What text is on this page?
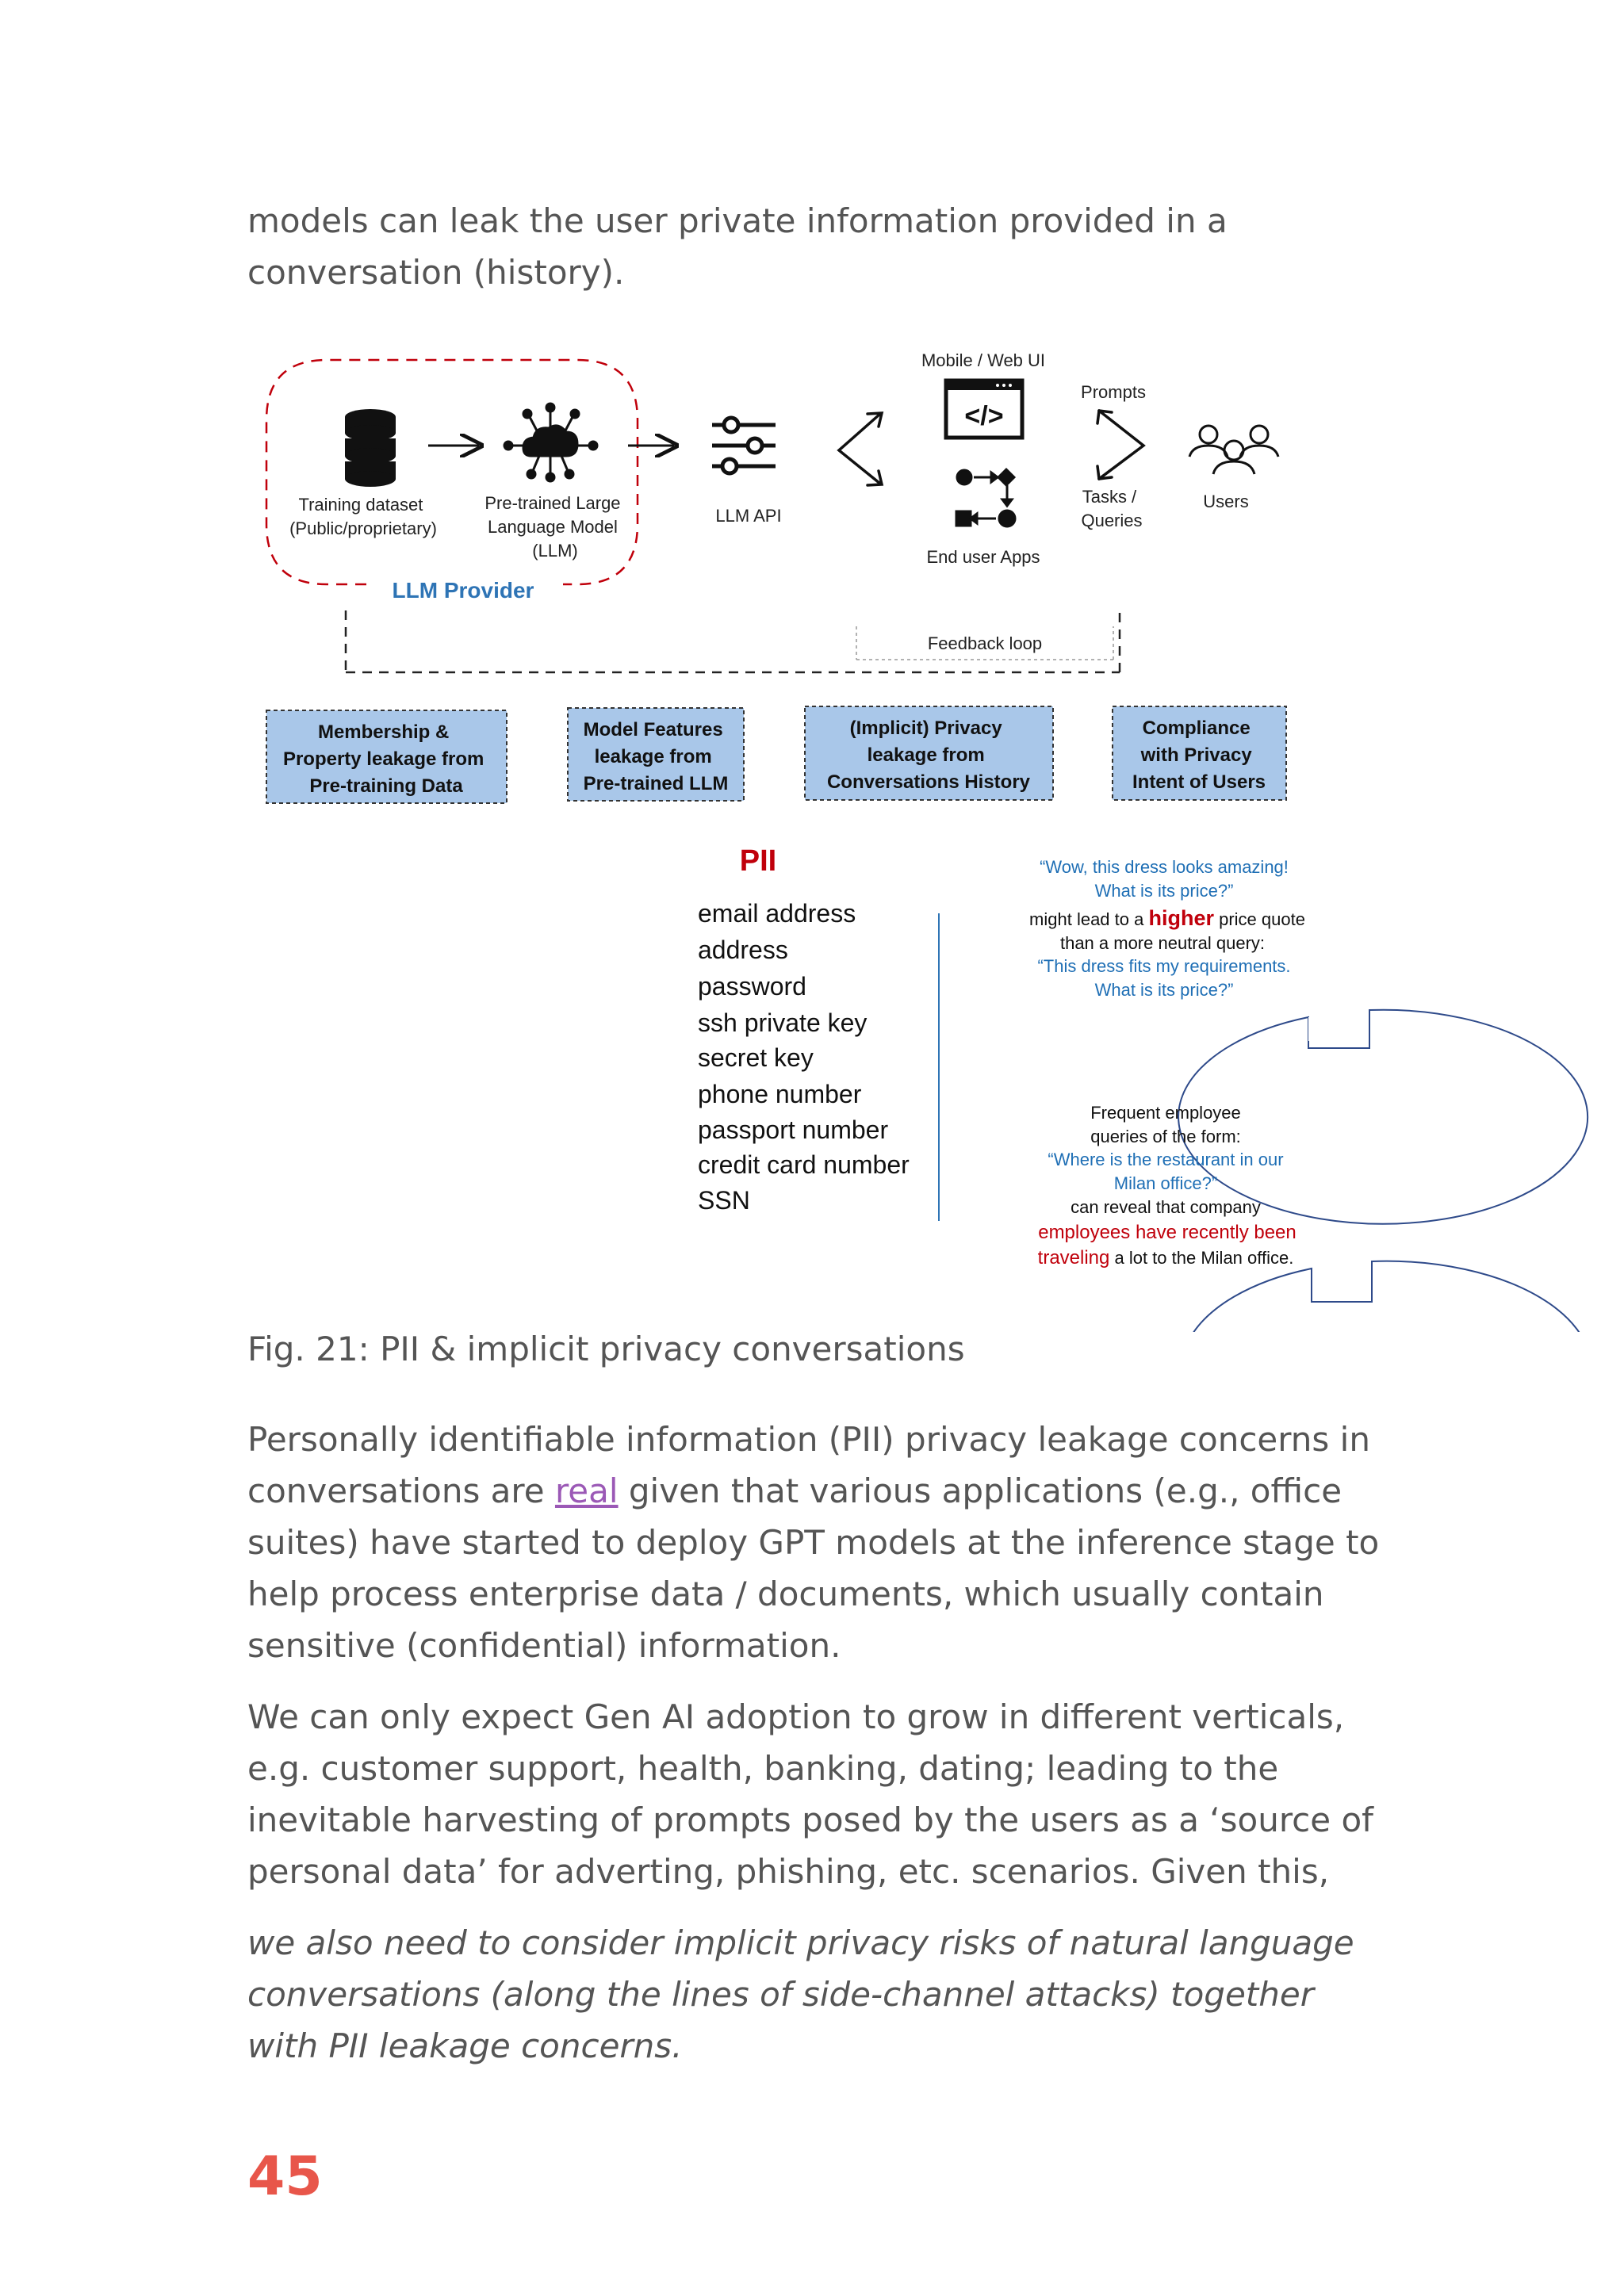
models can leak the user private information provided in a
conversation (history).
LLM Provider
Training dataset (Public/proprietary)
Pre-trained Large Language Model (LLM)
LLM API
Mobile / Web UI
</>
End user Apps
Prompts
Tasks / Queries
Users
Feedback loop
Membership & Property leakage from Pre-training Data
Model Features leakage from Pre-trained LLM
(Implicit) Privacy leakage from Conversations History
Compliance with Privacy Intent of Users
PII
email address
address
password
ssh private key
secret key
phone number
passport number
credit card number
SSN
“Wow, this dress looks amazing!
What is its price?”
might lead to a higher price quote
than a more neutral query:
“This dress fits my requirements.
What is its price?”
Frequent employee
queries of the form:
“Where is the restaurant in our
Milan office?”
can reveal that company
employees have recently been
traveling a lot to the Milan office.
Fig. 21: PII & implicit privacy conversations
Personally identifiable information (PII) privacy leakage concerns in
conversations are real given that various applications (e.g., office
suites) have started to deploy GPT models at the inference stage to
help process enterprise data / documents, which usually contain
sensitive (confidential) information.
We can only expect Gen AI adoption to grow in different verticals,
e.g. customer support, health, banking, dating; leading to the
inevitable harvesting of prompts posed by the users as a ‘source of
personal data’ for adverting, phishing, etc. scenarios. Given this,
we also need to consider implicit privacy risks of natural language
conversations (along the lines of side-channel attacks) together
with PII leakage concerns.
45
